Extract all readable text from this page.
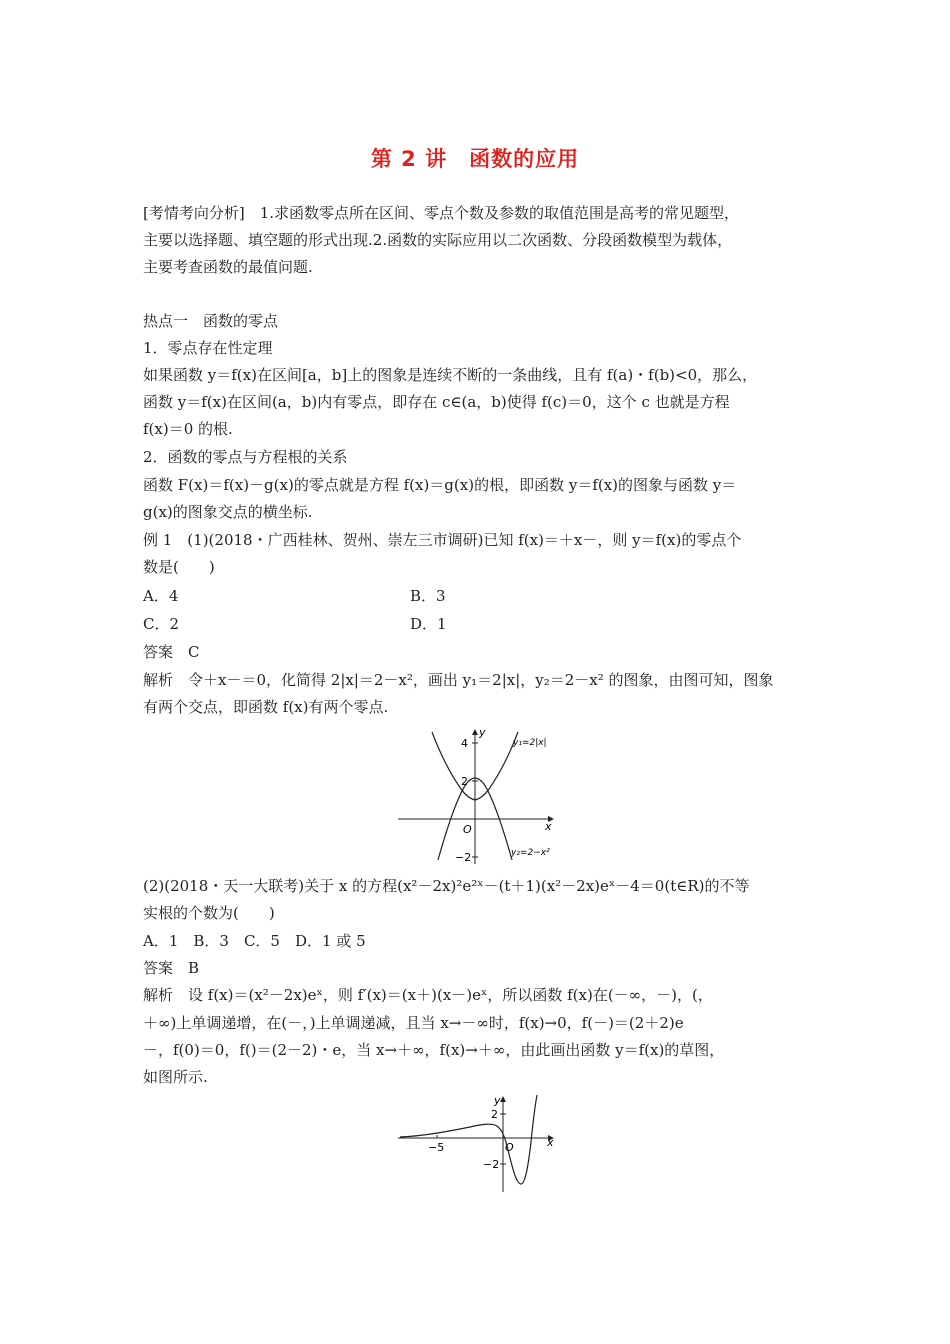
第 2 讲 函数的应用
[考情考向分析]　1.求函数零点所在区间、零点个数及参数的取值范围是高考的常见题型，
主要以选择题、填空题的形式出现.2.函数的实际应用以二次函数、分段函数模型为载体，
主要考查函数的最值问题.
热点一　函数的零点
1．零点存在性定理
如果函数 y＝f(x)在区间[a，b]上的图象是连续不断的一条曲线，且有 f(a)・f(b)<0，那么，
函数 y＝f(x)在区间(a，b)内有零点，即存在 c∈(a，b)使得 f(c)＝0，这个 c 也就是方程
f(x)＝0 的根.
2．函数的零点与方程根的关系
函数 F(x)＝f(x)－g(x)的零点就是方程 f(x)＝g(x)的根，即函数 y＝f(x)的图象与函数 y＝
g(x)的图象交点的横坐标.
例 1　(1)(2018・广西桂林、贺州、崇左三市调研)已知 f(x)＝＋x－，则 y＝f(x)的零点个
数是(　　)
A．4	B．3
C．2	D．1
答案　C
解析　令＋x－＝0，化简得 2|x|＝2－x²，画出 y₁＝2|x|，y₂＝2－x² 的图象，由图可知，图象
有两个交点，即函数 f(x)有两个零点.
4
2
−2
O
y
x
y₁=2|x|
y₂=2−x²
(2)(2018・天一大联考)关于 x 的方程(x²－2x)²e²ˣ－(t＋1)(x²－2x)eˣ－4＝0(t∈R)的不等
实根的个数为(　　)
A．1　B．3　C．5　D．1 或 5
答案　B
解析　设 f(x)＝(x²－2x)eˣ，则 f′(x)＝(x＋)(x－)eˣ，所以函数 f(x)在(－∞，－)，(，
＋∞)上单调递增，在(－，)上单调递减，且当 x→－∞时，f(x)→0，f(－)＝(2＋2)e
－，f(0)＝0，f()＝(2－2)・e，当 x→＋∞，f(x)→＋∞，由此画出函数 y＝f(x)的草图，
如图所示.
2
−2
−5	O
y
x
